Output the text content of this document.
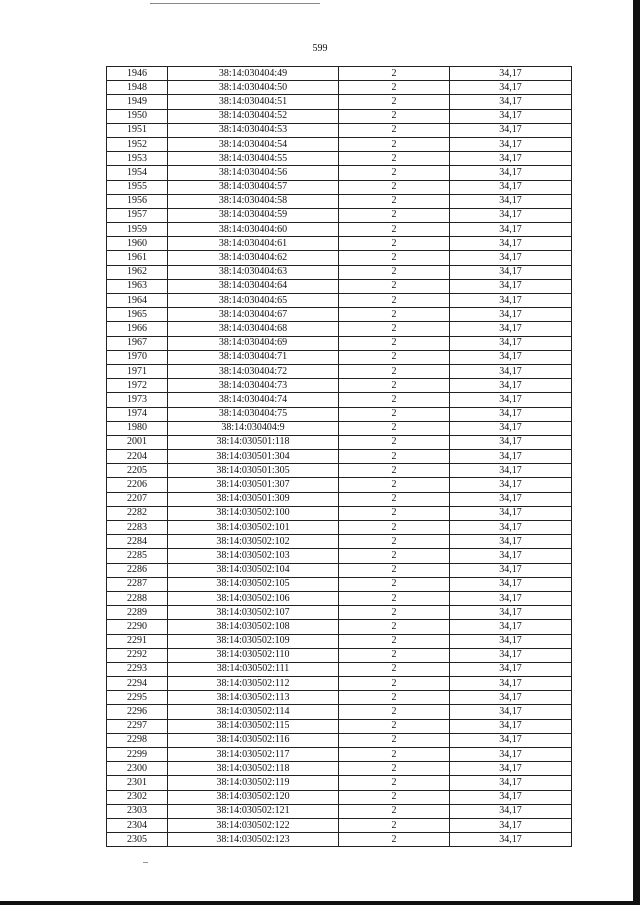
599
1946	38:14:030404:49	2	34,17
1948	38:14:030404:50	2	34,17
1949	38:14:030404:51	2	34,17
1950	38:14:030404:52	2	34,17
1951	38:14:030404:53	2	34,17
1952	38:14:030404:54	2	34,17
1953	38:14:030404:55	2	34,17
1954	38:14:030404:56	2	34,17
1955	38:14:030404:57	2	34,17
1956	38:14:030404:58	2	34,17
1957	38:14:030404:59	2	34,17
1959	38:14:030404:60	2	34,17
1960	38:14:030404:61	2	34,17
1961	38:14:030404:62	2	34,17
1962	38:14:030404:63	2	34,17
1963	38:14:030404:64	2	34,17
1964	38:14:030404:65	2	34,17
1965	38:14:030404:67	2	34,17
1966	38:14:030404:68	2	34,17
1967	38:14:030404:69	2	34,17
1970	38:14:030404:71	2	34,17
1971	38:14:030404:72	2	34,17
1972	38:14:030404:73	2	34,17
1973	38:14:030404:74	2	34,17
1974	38:14:030404:75	2	34,17
1980	38:14:030404:9	2	34,17
2001	38:14:030501:118	2	34,17
2204	38:14:030501:304	2	34,17
2205	38:14:030501:305	2	34,17
2206	38:14:030501:307	2	34,17
2207	38:14:030501:309	2	34,17
2282	38:14:030502:100	2	34,17
2283	38:14:030502:101	2	34,17
2284	38:14:030502:102	2	34,17
2285	38:14:030502:103	2	34,17
2286	38:14:030502:104	2	34,17
2287	38:14:030502:105	2	34,17
2288	38:14:030502:106	2	34,17
2289	38:14:030502:107	2	34,17
2290	38:14:030502:108	2	34,17
2291	38:14:030502:109	2	34,17
2292	38:14:030502:110	2	34,17
2293	38:14:030502:111	2	34,17
2294	38:14:030502:112	2	34,17
2295	38:14:030502:113	2	34,17
2296	38:14:030502:114	2	34,17
2297	38:14:030502:115	2	34,17
2298	38:14:030502:116	2	34,17
2299	38:14:030502:117	2	34,17
2300	38:14:030502:118	2	34,17
2301	38:14:030502:119	2	34,17
2302	38:14:030502:120	2	34,17
2303	38:14:030502:121	2	34,17
2304	38:14:030502:122	2	34,17
2305	38:14:030502:123	2	34,17
